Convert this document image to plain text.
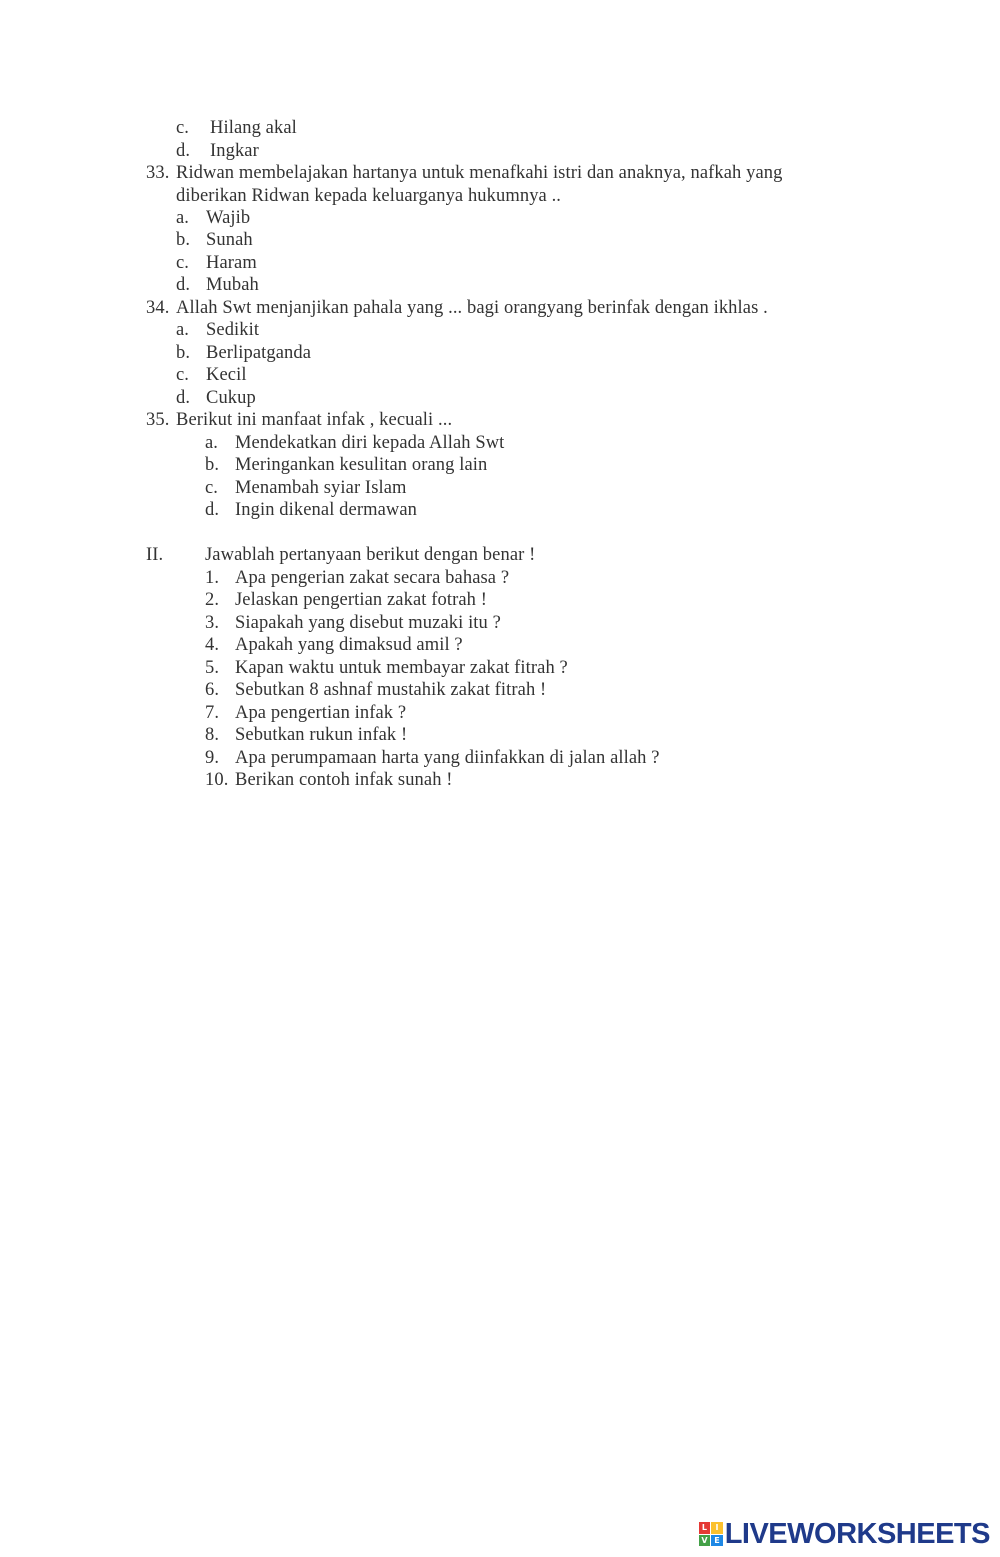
c. Hilang akal
d. Ingkar
33. Ridwan membelajakan hartanya untuk menafkahi istri dan anaknya, nafkah yang
diberikan Ridwan kepada keluarganya hukumnya ..
a. Wajib
b. Sunah
c. Haram
d. Mubah
34. Allah Swt menjanjikan pahala yang ... bagi orangyang berinfak dengan ikhlas .
a. Sedikit
b. Berlipatganda
c. Kecil
d. Cukup
35. Berikut ini manfaat infak , kecuali ...
a. Mendekatkan diri kepada Allah Swt
b. Meringankan kesulitan orang lain
c. Menambah syiar Islam
d. Ingin dikenal dermawan
II. Jawablah pertanyaan berikut dengan benar !
1. Apa pengerian zakat secara bahasa ?
2. Jelaskan pengertian zakat fotrah !
3. Siapakah yang disebut muzaki itu ?
4. Apakah yang dimaksud amil ?
5. Kapan waktu untuk membayar zakat fitrah ?
6. Sebutkan 8 ashnaf mustahik zakat fitrah !
7. Apa pengertian infak ?
8. Sebutkan rukun infak !
9. Apa perumpamaan harta yang diinfakkan di jalan allah ?
10. Berikan contoh infak sunah !
L	I
V E LIVEWORKSHEETS
